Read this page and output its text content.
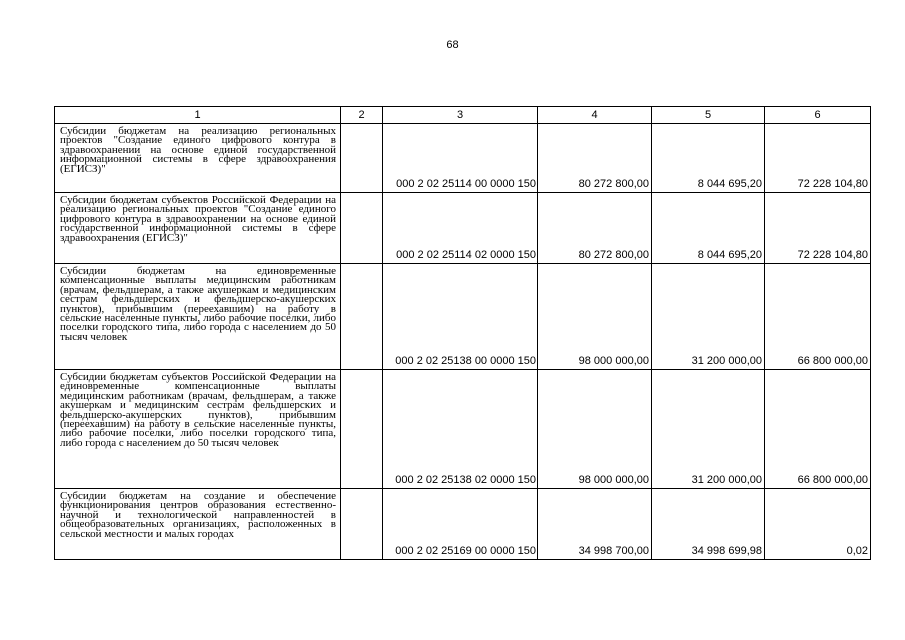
68
1	2	3	4	5	6
Субсидии бюджетам на реализацию региональных проектов "Создание единого цифрового контура в здравоохранении на основе единой государственной информационной системы в сфере здравоохранения (ЕГИСЗ)"		000 2 02 25114 00 0000 150	80 272 800,00	8 044 695,20	72 228 104,80
Субсидии бюджетам субъектов Российской Федерации на реализацию региональных проектов "Создание единого цифрового контура в здравоохранении на основе единой государственной информационной системы в сфере здравоохранения (ЕГИСЗ)"		000 2 02 25114 02 0000 150	80 272 800,00	8 044 695,20	72 228 104,80
Субсидии бюджетам на единовременные компенсационные выплаты медицинским работникам (врачам, фельдшерам, а также акушеркам и медицинским сестрам фельдшерских и фельдшерско-акушерских пунктов), прибывшим (переехавшим) на работу в сельские населенные пункты, либо рабочие поселки, либо поселки городского типа, либо города с населением до 50 тысяч человек		000 2 02 25138 00 0000 150	98 000 000,00	31 200 000,00	66 800 000,00
Субсидии бюджетам субъектов Российской Федерации на единовременные компенсационные выплаты медицинским работникам (врачам, фельдшерам, а также акушеркам и медицинским сестрам фельдшерских и фельдшерско-акушерских пунктов), прибывшим (переехавшим) на работу в сельские населенные пункты, либо рабочие поселки, либо поселки городского типа, либо города с населением до 50 тысяч человек		000 2 02 25138 02 0000 150	98 000 000,00	31 200 000,00	66 800 000,00
Субсидии бюджетам на создание и обеспечение функционирования центров образования естественно-научной и технологической направленностей в общеобразовательных организациях, расположенных в сельской местности и малых городах		000 2 02 25169 00 0000 150	34 998 700,00	34 998 699,98	0,02
